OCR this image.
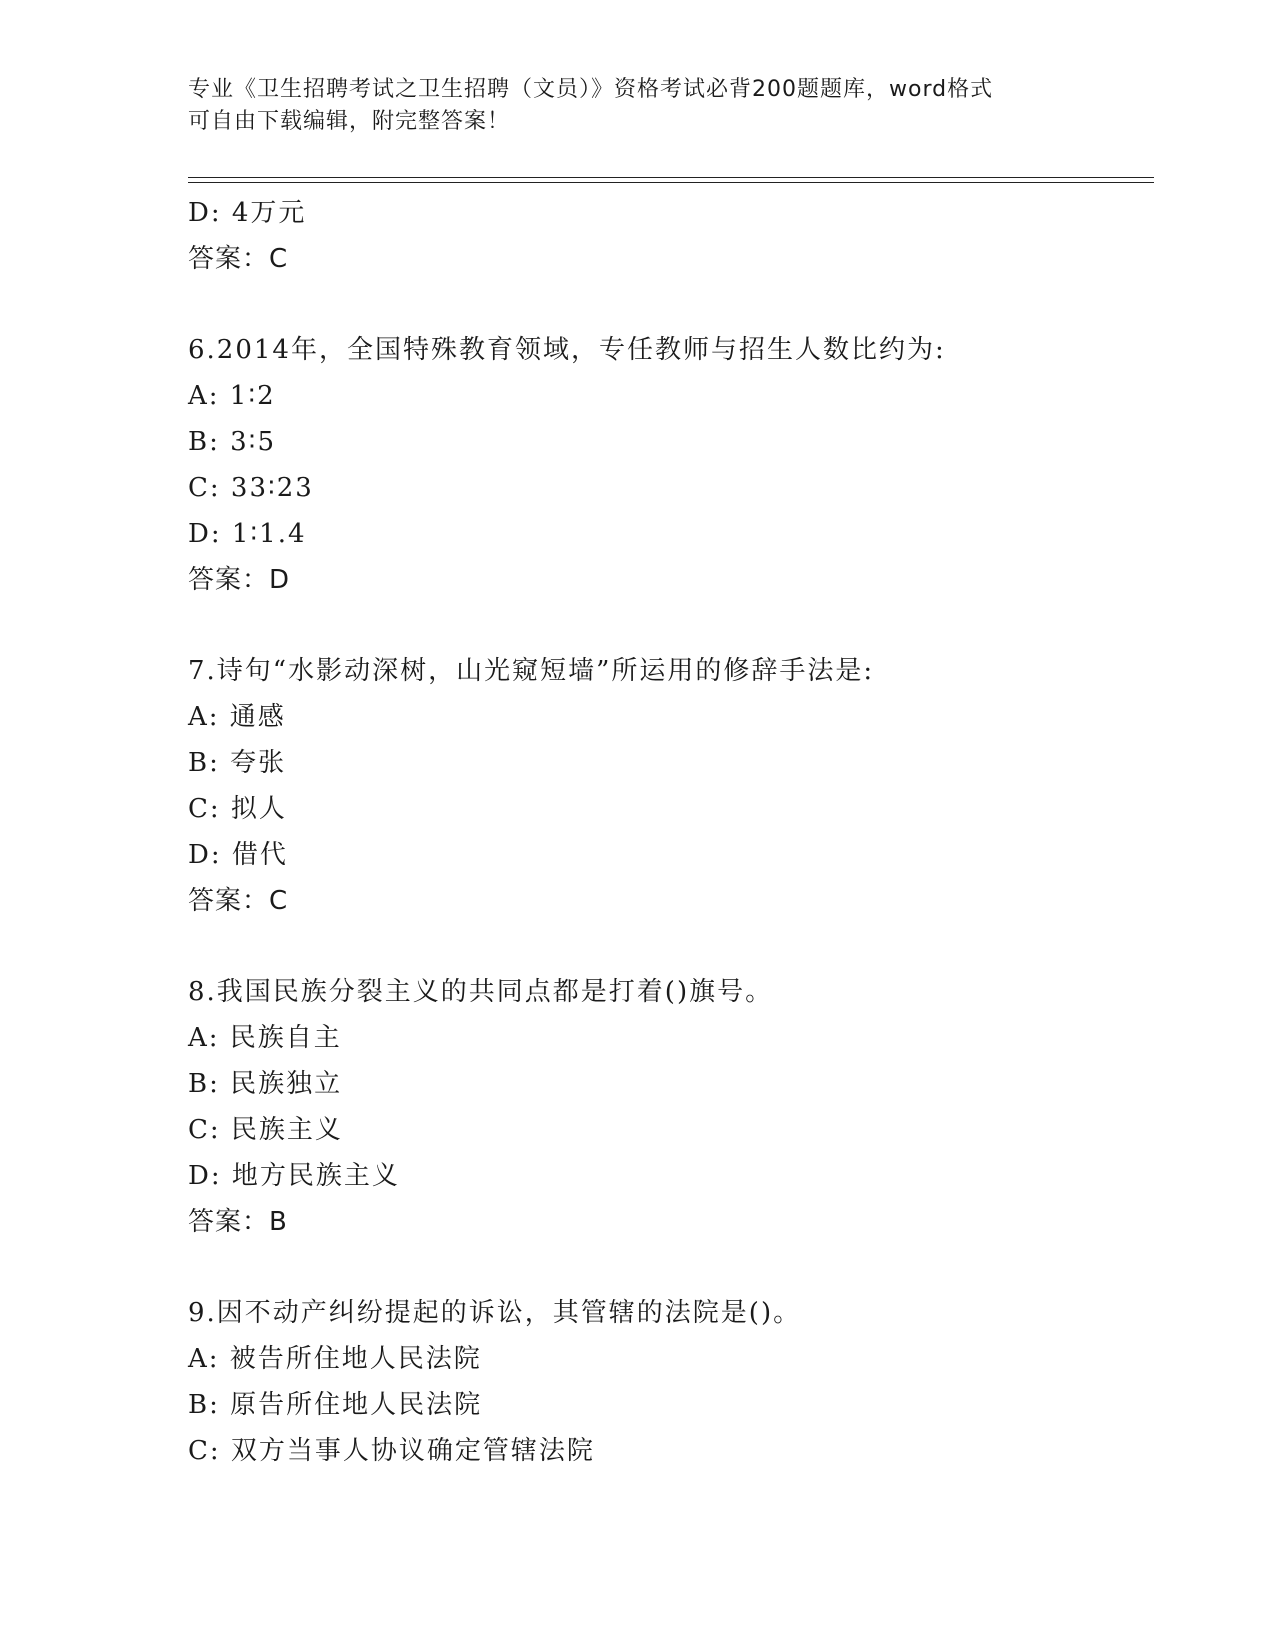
专业《卫生招聘考试之卫生招聘（文员）》资格考试必背200题题库，word格式
可自由下载编辑，附完整答案！
D: 4万元
答案：C
6.2014年，全国特殊教育领域，专任教师与招生人数比约为:
A: 1∶2
B: 3∶5
C: 33∶23
D: 1∶1.4
答案：D
7.诗句“水影动深树，山光窥短墙”所运用的修辞手法是:
A: 通感
B: 夸张
C: 拟人
D: 借代
答案：C
8.我国民族分裂主义的共同点都是打着()旗号。
A: 民族自主
B: 民族独立
C: 民族主义
D: 地方民族主义
答案：B
9.因不动产纠纷提起的诉讼，其管辖的法院是()。
A: 被告所住地人民法院
B: 原告所住地人民法院
C: 双方当事人协议确定管辖法院
